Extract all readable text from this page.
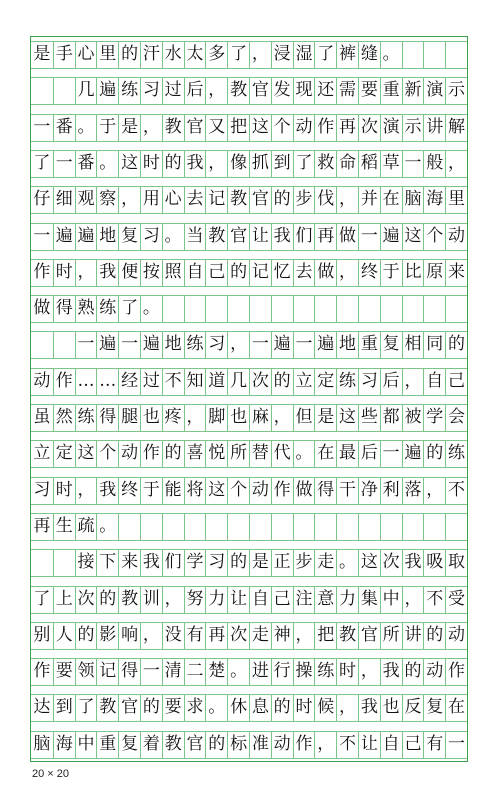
是 手 心 里 的 汗 水 太 多 了 ， 浸 湿 了 裤 缝 。
几 遍 练 习 过 后 ， 教 官 发 现 还 需 要 重 新 演 示
一 番 。 于 是 ， 教 官 又 把 这 个 动 作 再 次 演 示 讲 解
了 一 番 。 这 时 的 我 ， 像 抓 到 了 救 命 稻 草 一 般 ，
仔 细 观 察 ， 用 心 去 记 教 官 的 步 伐 ， 并 在 脑 海 里
一 遍 遍 地 复 习 。 当 教 官 让 我 们 再 做 一 遍 这 个 动
作 时 ， 我 便 按 照 自 己 的 记 忆 去 做 ， 终 于 比 原 来
做 得 熟 练 了 。
一 遍 一 遍 地 练 习 ， 一 遍 一 遍 地 重 复 相 同 的
动 作 … … 经 过 不 知 道 几 次 的 立 定 练 习 后 ， 自 己
虽 然 练 得 腿 也 疼 ， 脚 也 麻 ， 但 是 这 些 都 被 学 会
立 定 这 个 动 作 的 喜 悦 所 替 代 。 在 最 后 一 遍 的 练
习 时 ， 我 终 于 能 将 这 个 动 作 做 得 干 净 利 落 ， 不
再 生 疏 。
接 下 来 我 们 学 习 的 是 正 步 走 。 这 次 我 吸 取
了 上 次 的 教 训 ， 努 力 让 自 己 注 意 力 集 中 ， 不 受
别 人 的 影 响 ， 没 有 再 次 走 神 ， 把 教 官 所 讲 的 动
作 要 领 记 得 一 清 二 楚 。 进 行 操 练 时 ， 我 的 动 作
达 到 了 教 官 的 要 求 。 休 息 的 时 候 ， 我 也 反 复 在
脑 海 中 重 复 着 教 官 的 标 准 动 作 ， 不 让 自 己 有 一
20 × 20
